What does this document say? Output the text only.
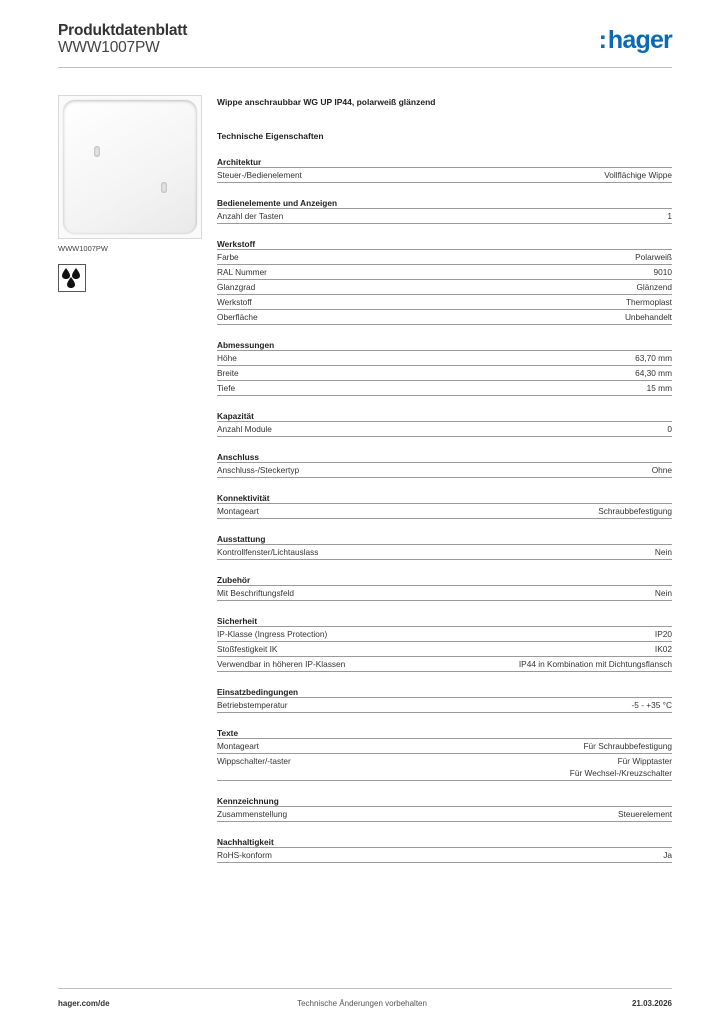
Produktdatenblatt
WWW1007PW	:hager
WWW1007PW
Wippe anschraubbar WG UP IP44, polarweiß glänzend
Technische Eigenschaften
Architektur
Steuer-/Bedienelement	Vollflächige Wippe
Bedienelemente und Anzeigen
Anzahl der Tasten	1
Werkstoff
Farbe	Polarweiß
RAL Nummer	9010
Glanzgrad	Glänzend
Werkstoff	Thermoplast
Oberfläche	Unbehandelt
Abmessungen
Höhe	63,70 mm
Breite	64,30 mm
Tiefe	15 mm
Kapazität
Anzahl Module	0
Anschluss
Anschluss-/Steckertyp	Ohne
Konnektivität
Montageart	Schraubbefestigung
Ausstattung
Kontrollfenster/Lichtauslass	Nein
Zubehör
Mit Beschriftungsfeld	Nein
Sicherheit
IP-Klasse (Ingress Protection)	IP20
Stoßfestigkeit IK	IK02
Verwendbar in höheren IP-Klassen	IP44 in Kombination mit Dichtungsflansch
Einsatzbedingungen
Betriebstemperatur	-5 - +35 °C
Texte
Montageart	Für Schraubbefestigung
Wippschalter/-taster	Für Wipptaster
Für Wechsel-/Kreuzschalter
Kennzeichnung
Zusammenstellung	Steuerelement
Nachhaltigkeit
RoHS-konform	Ja
hager.com/de	Technische Änderungen vorbehalten	21.03.2026
